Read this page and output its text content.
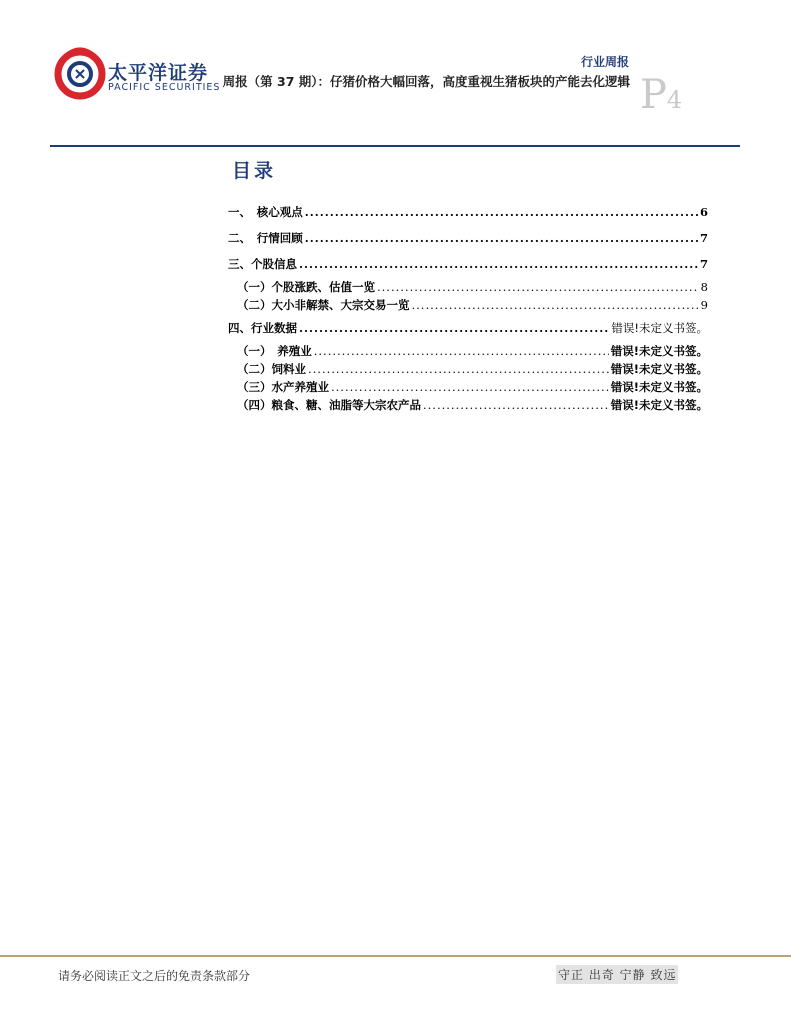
太平洋证券
PACIFIC SECURITIES
行业周报
周报（第 37 期）：仔猪价格大幅回落，高度重视生猪板块的产能去化逻辑 P4
目录
一、　核心观点 .....	6
二、　行情回顾 .....	7
三、个股信息 .....	7
（一）个股涨跌、估值一览 .....	8
（二）大小非解禁、大宗交易一览 .....	9
四、行业数据 .....	错误!未定义书签。
（一）　养殖业 .....	错误!未定义书签。
（二）饲料业 .....	错误!未定义书签。
（三）水产养殖业 .....	错误!未定义书签。
（四）粮食、糖、油脂等大宗农产品 .....	错误!未定义书签。
请务必阅读正文之后的免责条款部分	守正 出奇 宁静 致远
